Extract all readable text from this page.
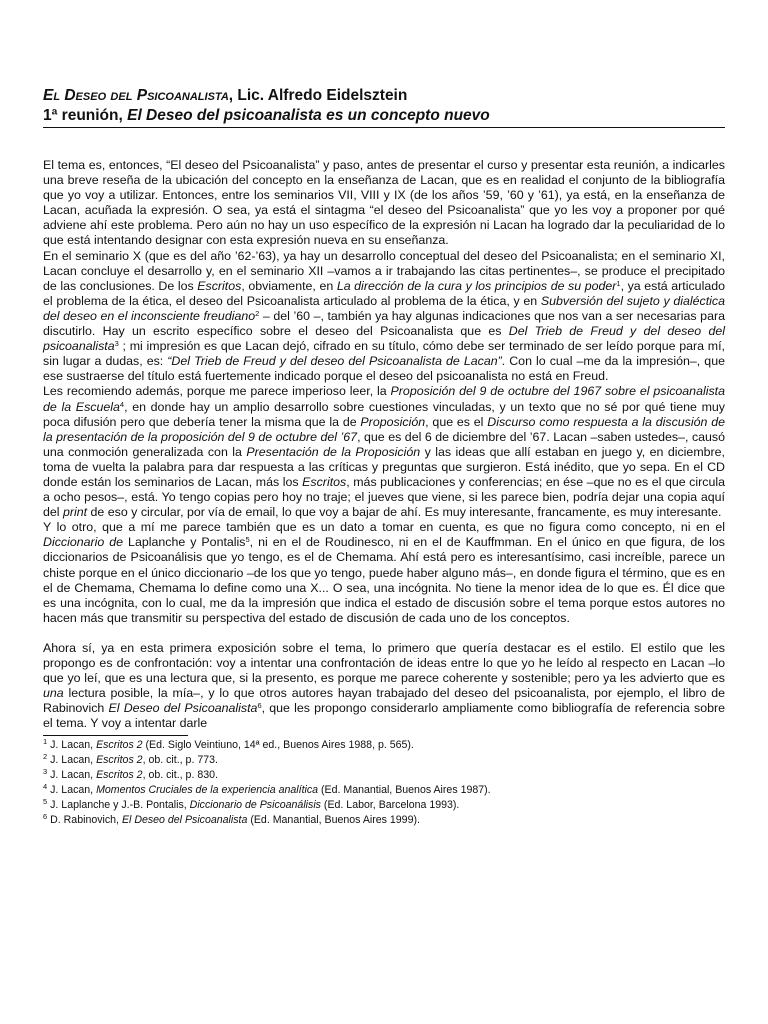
El Deseo del Psicoanalista, Lic. Alfredo Eidelsztein
1ª reunión, El Deseo del psicoanalista es un concepto nuevo

El tema es, entonces, “El deseo del Psicoanalista” y paso, antes de presentar el curso y presentar esta reunión, a indicarles una breve reseña de la ubicación del concepto en la enseñanza de Lacan, que es en realidad el conjunto de la bibliografía que yo voy a utilizar. Entonces, entre los seminarios VII, VIII y IX (de los años ’59, ’60 y ’61), ya está, en la enseñanza de Lacan, acuñada la expresión. O sea, ya está el sintagma “el deseo del Psicoanalista” que yo les voy a proponer por qué adviene ahí este problema. Pero aún no hay un uso específico de la expresión ni Lacan ha logrado dar la peculiaridad de lo que está intentando designar con esta expresión nueva en su enseñanza.

En el seminario X (que es del año ’62-’63), ya hay un desarrollo conceptual del deseo del Psicoanalista; en el seminario XI, Lacan concluye el desarrollo y, en el seminario XII –vamos a ir trabajando las citas pertinentes–, se produce el precipitado de las conclusiones. De los Escritos, obviamente, en La dirección de la cura y los principios de su poder$^1$, ya está articulado el problema de la ética, el deseo del Psicoanalista articulado al problema de la ética, y en Subversión del sujeto y dialéctica del deseo en el inconsciente freudiano$^2$ – del ’60 –, también ya hay algunas indicaciones que nos van a ser necesarias para discutirlo. Hay un escrito específico sobre el deseo del Psicoanalista que es Del Trieb de Freud y del deseo del psicoanalista$^3$ ; mi impresión es que Lacan dejó, cifrado en su título, cómo debe ser terminado de ser leído porque para mí, sin lugar a dudas, es: “Del Trieb de Freud y del deseo del Psicoanalista de Lacan”. Con lo cual –me da la impresión–, que ese sustraerse del título está fuertemente indicado porque el deseo del psicoanalista no está en Freud.

Les recomiendo además, porque me parece imperioso leer, la Proposición del 9 de octubre del 1967 sobre el psicoanalista de la Escuela$^4$, en donde hay un amplio desarrollo sobre cuestiones vinculadas, y un texto que no sé por qué tiene muy poca difusión pero que debería tener la misma que la de Proposición, que es el Discurso como respuesta a la discusión de la presentación de la proposición del 9 de octubre del ’67, que es del 6 de diciembre del ’67. Lacan –saben ustedes–, causó una conmoción generalizada con la Presentación de la Proposición y las ideas que allí estaban en juego y, en diciembre, toma de vuelta la palabra para dar respuesta a las críticas y preguntas que surgieron. Está inédito, que yo sepa. En el CD donde están los seminarios de Lacan, más los Escritos, más publicaciones y conferencias; en ése –que no es el que circula a ocho pesos–, está. Yo tengo copias pero hoy no traje; el jueves que viene, si les parece bien, podría dejar una copia aquí del print de eso y circular, por vía de email, lo que voy a bajar de ahí. Es muy interesante, francamente, es muy interesante.

Y lo otro, que a mí me parece también que es un dato a tomar en cuenta, es que no figura como concepto, ni en el Diccionario de Laplanche y Pontalis$^5$, ni en el de Roudinesco, ni en el de Kauffmman. En el único en que figura, de los diccionarios de Psicoanálisis que yo tengo, es el de Chemama. Ahí está pero es interesantísimo, casi increíble, parece un chiste porque en el único diccionario –de los que yo tengo, puede haber alguno más–, en donde figura el término, que es en el de Chemama, Chemama lo define como una X... O sea, una incógnita. No tiene la menor idea de lo que es. Él dice que es una incógnita, con lo cual, me da la impresión que indica el estado de discusión sobre el tema porque estos autores no hacen más que transmitir su perspectiva del estado de discusión de cada uno de los conceptos.

Ahora sí, ya en esta primera exposición sobre el tema, lo primero que quería destacar es el estilo. El estilo que les propongo es de confrontación: voy a intentar una confrontación de ideas entre lo que yo he leído al respecto en Lacan –lo que yo leí, que es una lectura que, si la presento, es porque me parece coherente y sostenible; pero ya les advierto que es una lectura posible, la mía–, y lo que otros autores hayan trabajado del deseo del psicoanalista, por ejemplo, el libro de Rabinovich El Deseo del Psicoanalista$^6$, que les propongo considerarlo ampliamente como bibliografía de referencia sobre el tema. Y voy a intentar darle

$^1$ J. Lacan, Escritos 2 (Ed. Siglo Veintiuno, 14ª ed., Buenos Aires 1988, p. 565).
$^2$ J. Lacan, Escritos 2, ob. cit., p. 773.
$^3$ J. Lacan, Escritos 2, ob. cit., p. 830.
$^4$ J. Lacan, Momentos Cruciales de la experiencia analítica (Ed. Manantial, Buenos Aires 1987).
$^5$ J. Laplanche y J.-B. Pontalis, Diccionario de Psicoanálisis (Ed. Labor, Barcelona 1993).
$^6$ D. Rabinovich, El Deseo del Psicoanalista (Ed. Manantial, Buenos Aires 1999).
